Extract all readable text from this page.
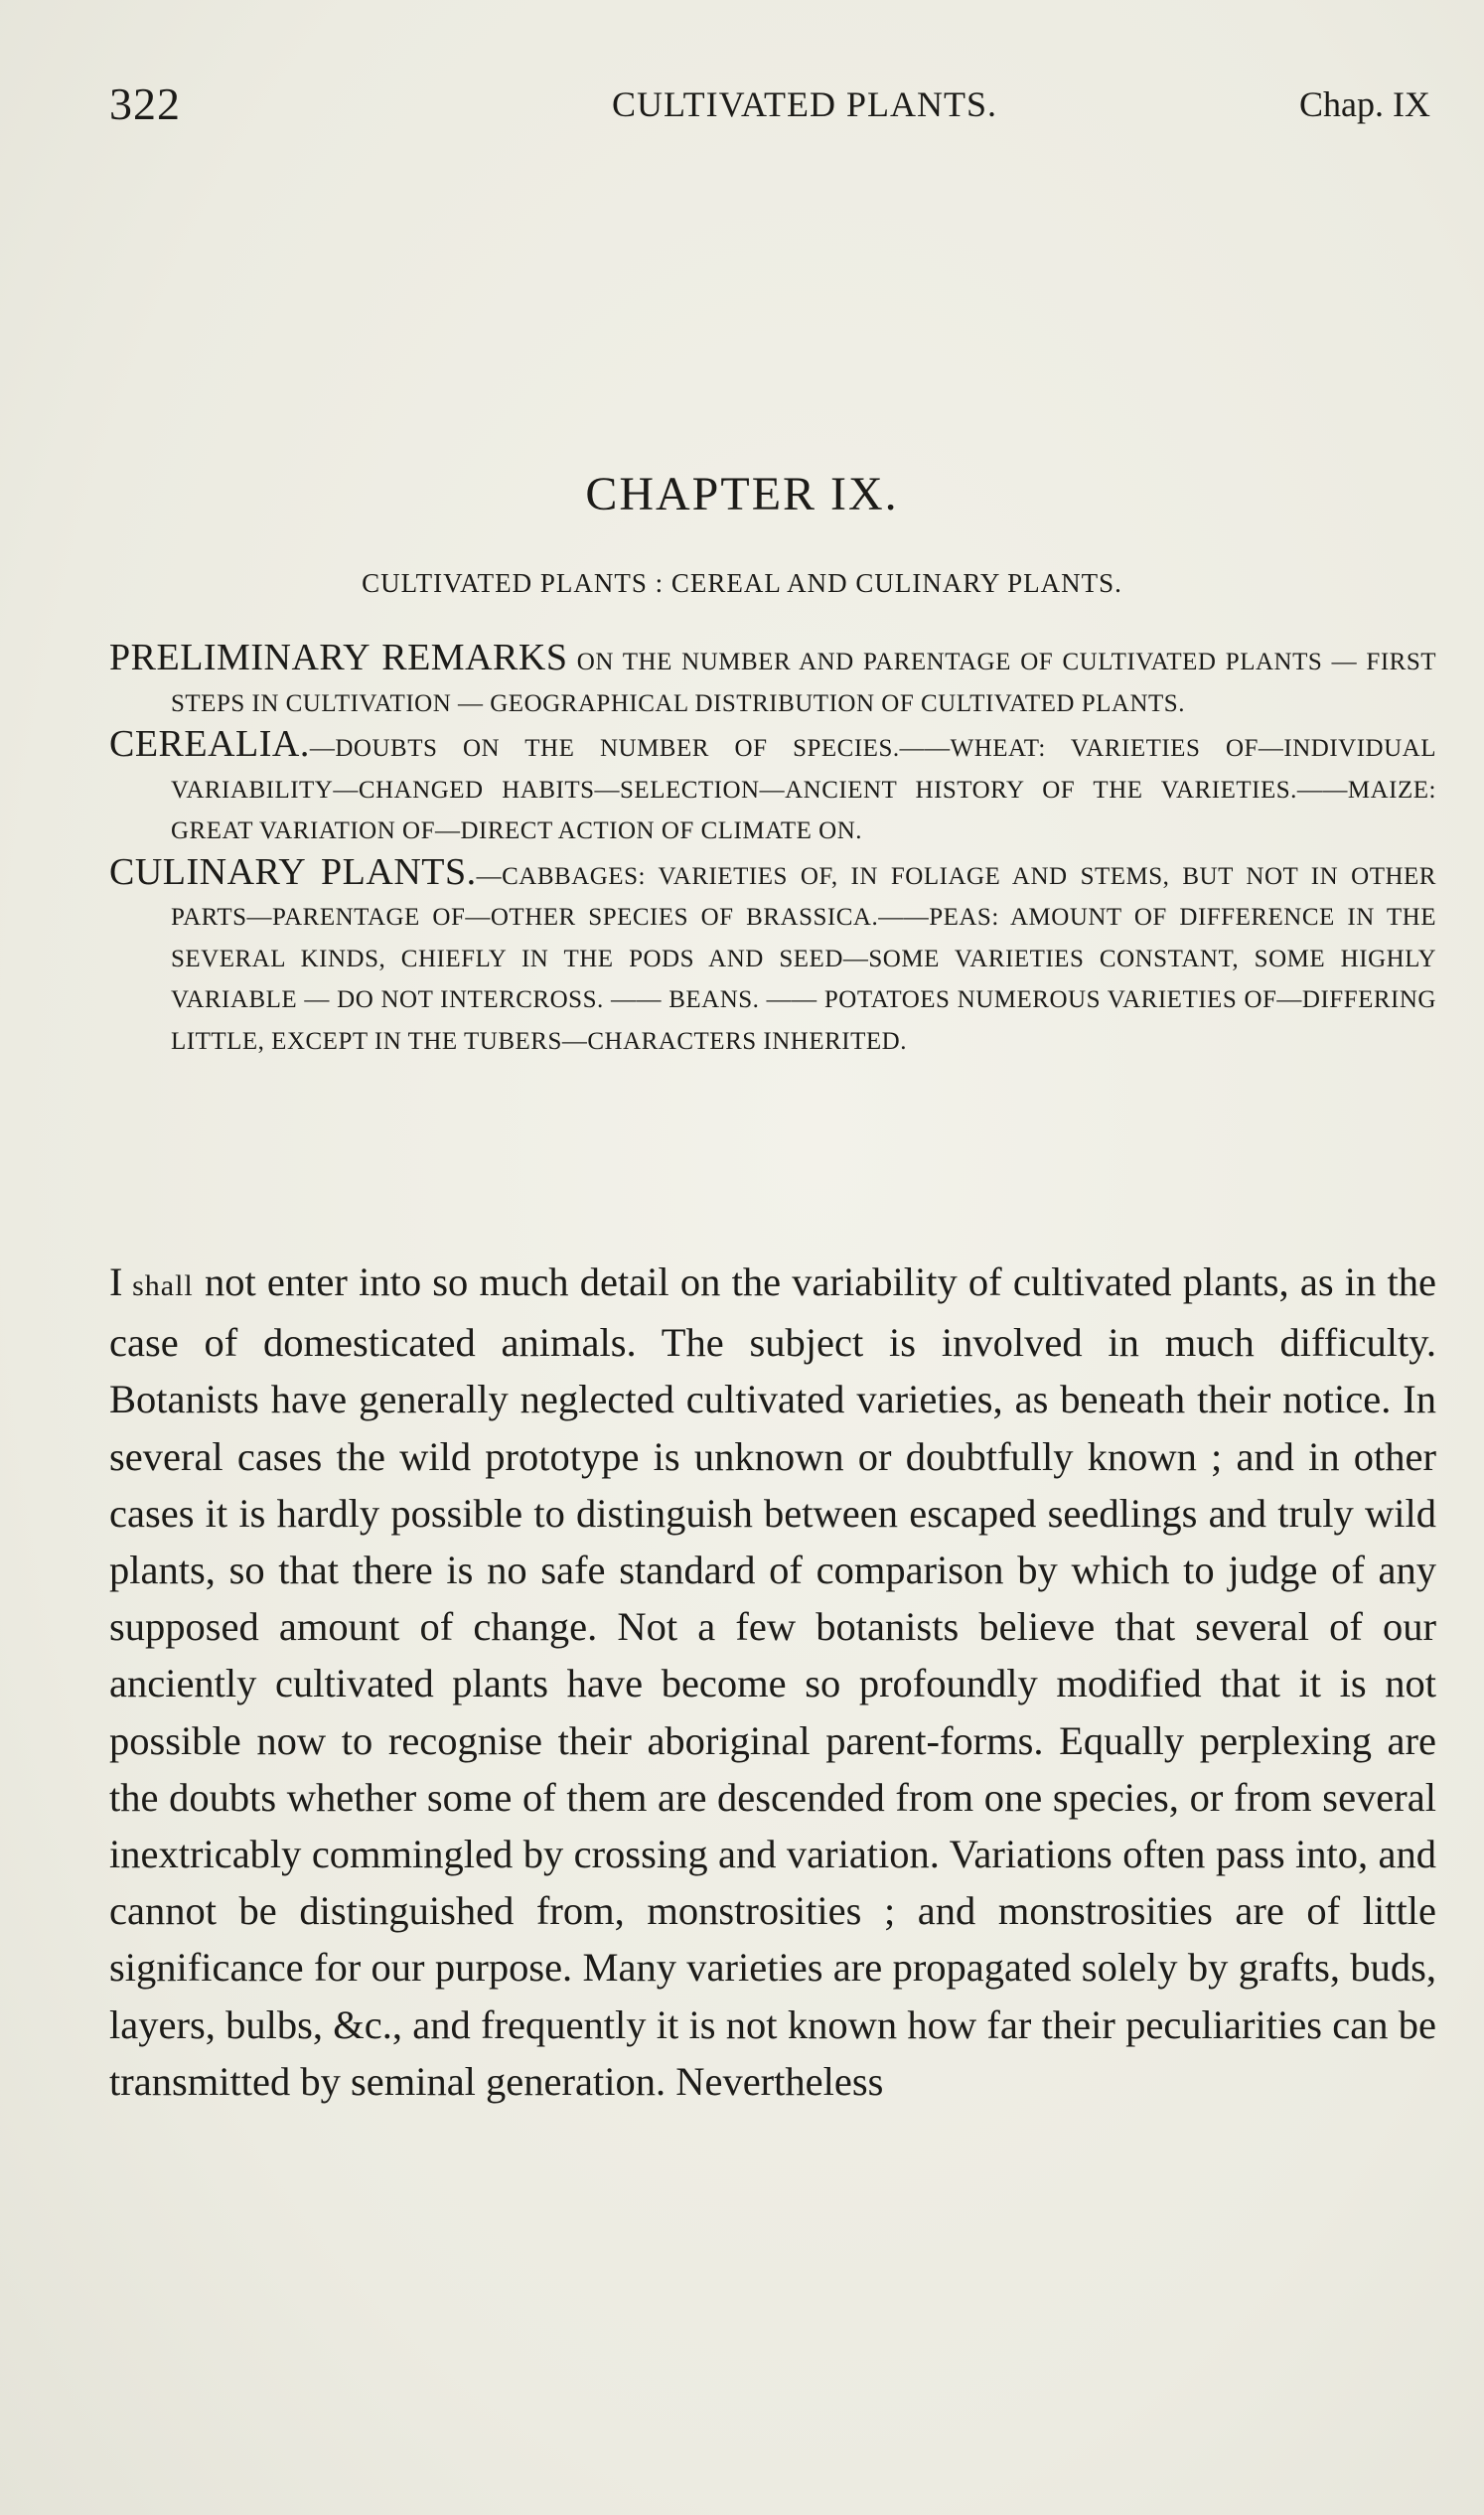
322	CULTIVATED PLANTS.	Chap. IX
CHAPTER IX.
CULTIVATED PLANTS : CEREAL AND CULINARY PLANTS.
PRELIMINARY REMARKS ON THE NUMBER AND PARENTAGE OF CULTIVATED PLANTS — FIRST STEPS IN CULTIVATION — GEOGRAPHICAL DISTRIBUTION OF CULTIVATED PLANTS.
CEREALIA.—DOUBTS ON THE NUMBER OF SPECIES.——WHEAT: VARIETIES OF—INDIVIDUAL VARIABILITY—CHANGED HABITS—SELECTION—ANCIENT HISTORY OF THE VARIETIES.——MAIZE: GREAT VARIATION OF—DIRECT ACTION OF CLIMATE ON.
CULINARY PLANTS.—CABBAGES: VARIETIES OF, IN FOLIAGE AND STEMS, BUT NOT IN OTHER PARTS—PARENTAGE OF—OTHER SPECIES OF BRASSICA.——PEAS: AMOUNT OF DIFFERENCE IN THE SEVERAL KINDS, CHIEFLY IN THE PODS AND SEED—SOME VARIETIES CONSTANT, SOME HIGHLY VARIABLE — DO NOT INTERCROSS. —— BEANS. —— POTATOES NUMEROUS VARIETIES OF—DIFFERING LITTLE, EXCEPT IN THE TUBERS—CHARACTERS INHERITED.
I shall not enter into so much detail on the variability of cultivated plants, as in the case of domesticated animals. The subject is involved in much difficulty. Botanists have generally neglected cultivated varieties, as beneath their notice. In several cases the wild prototype is unknown or doubtfully known ; and in other cases it is hardly possible to distinguish between escaped seedlings and truly wild plants, so that there is no safe standard of comparison by which to judge of any supposed amount of change. Not a few botanists believe that several of our anciently cultivated plants have become so profoundly modified that it is not possible now to recognise their aboriginal parent-forms. Equally perplexing are the doubts whether some of them are descended from one species, or from several inextricably commingled by crossing and variation. Variations often pass into, and cannot be distinguished from, monstrosities ; and monstrosities are of little significance for our purpose. Many varieties are propagated solely by grafts, buds, layers, bulbs, &c., and frequently it is not known how far their peculiarities can be transmitted by seminal generation. Nevertheless
